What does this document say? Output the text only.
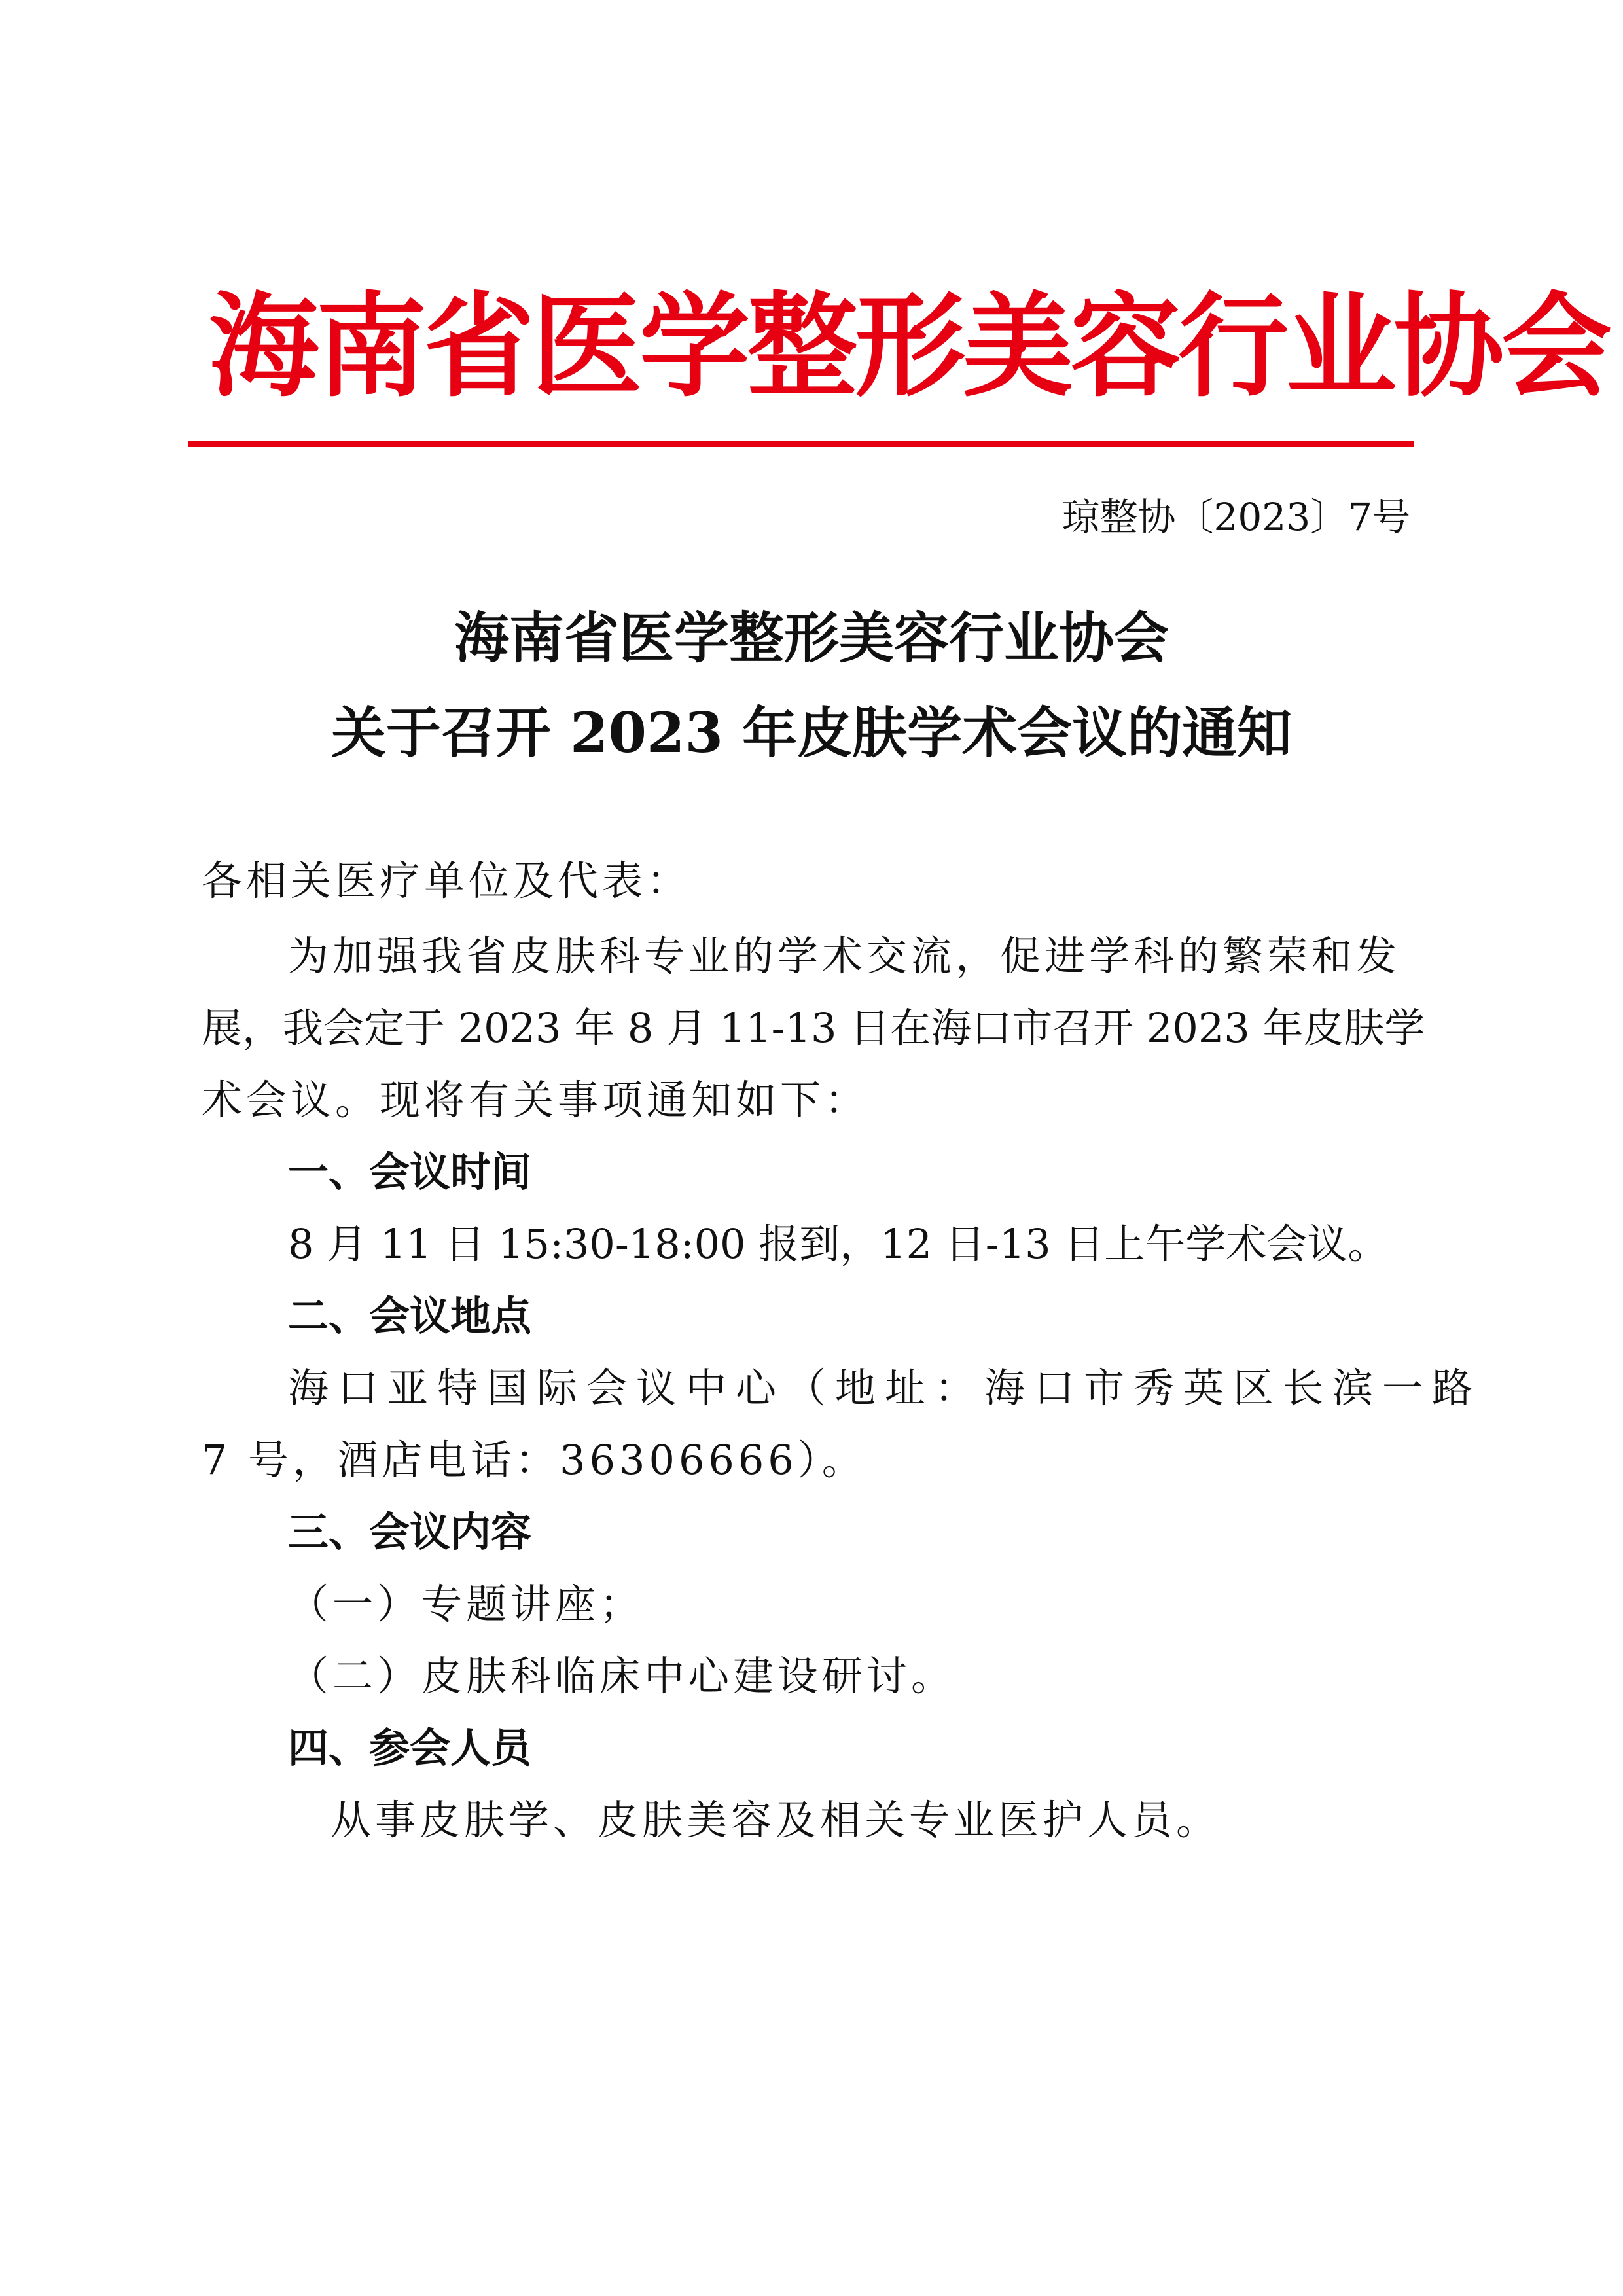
海南省医学整形美容行业协会
琼整协〔2023〕7号
海南省医学整形美容行业协会
关于召开 2023 年皮肤学术会议的通知
各相关医疗单位及代表：
为加强我省皮肤科专业的学术交流，促进学科的繁荣和发
展，我会定于 2023 年 8 月 11-13 日在海口市召开 2023 年皮肤学
术会议。现将有关事项通知如下：
一、会议时间
8 月 11 日 15:30-18:00 报到，12 日-13 日上午学术会议。
二、会议地点
海口亚特国际会议中心（地址：海口市秀英区长滨一路
7 号，酒店电话：36306666）。
三、会议内容
（一）专题讲座；
（二）皮肤科临床中心建设研讨。
四、参会人员
从事皮肤学、皮肤美容及相关专业医护人员。
